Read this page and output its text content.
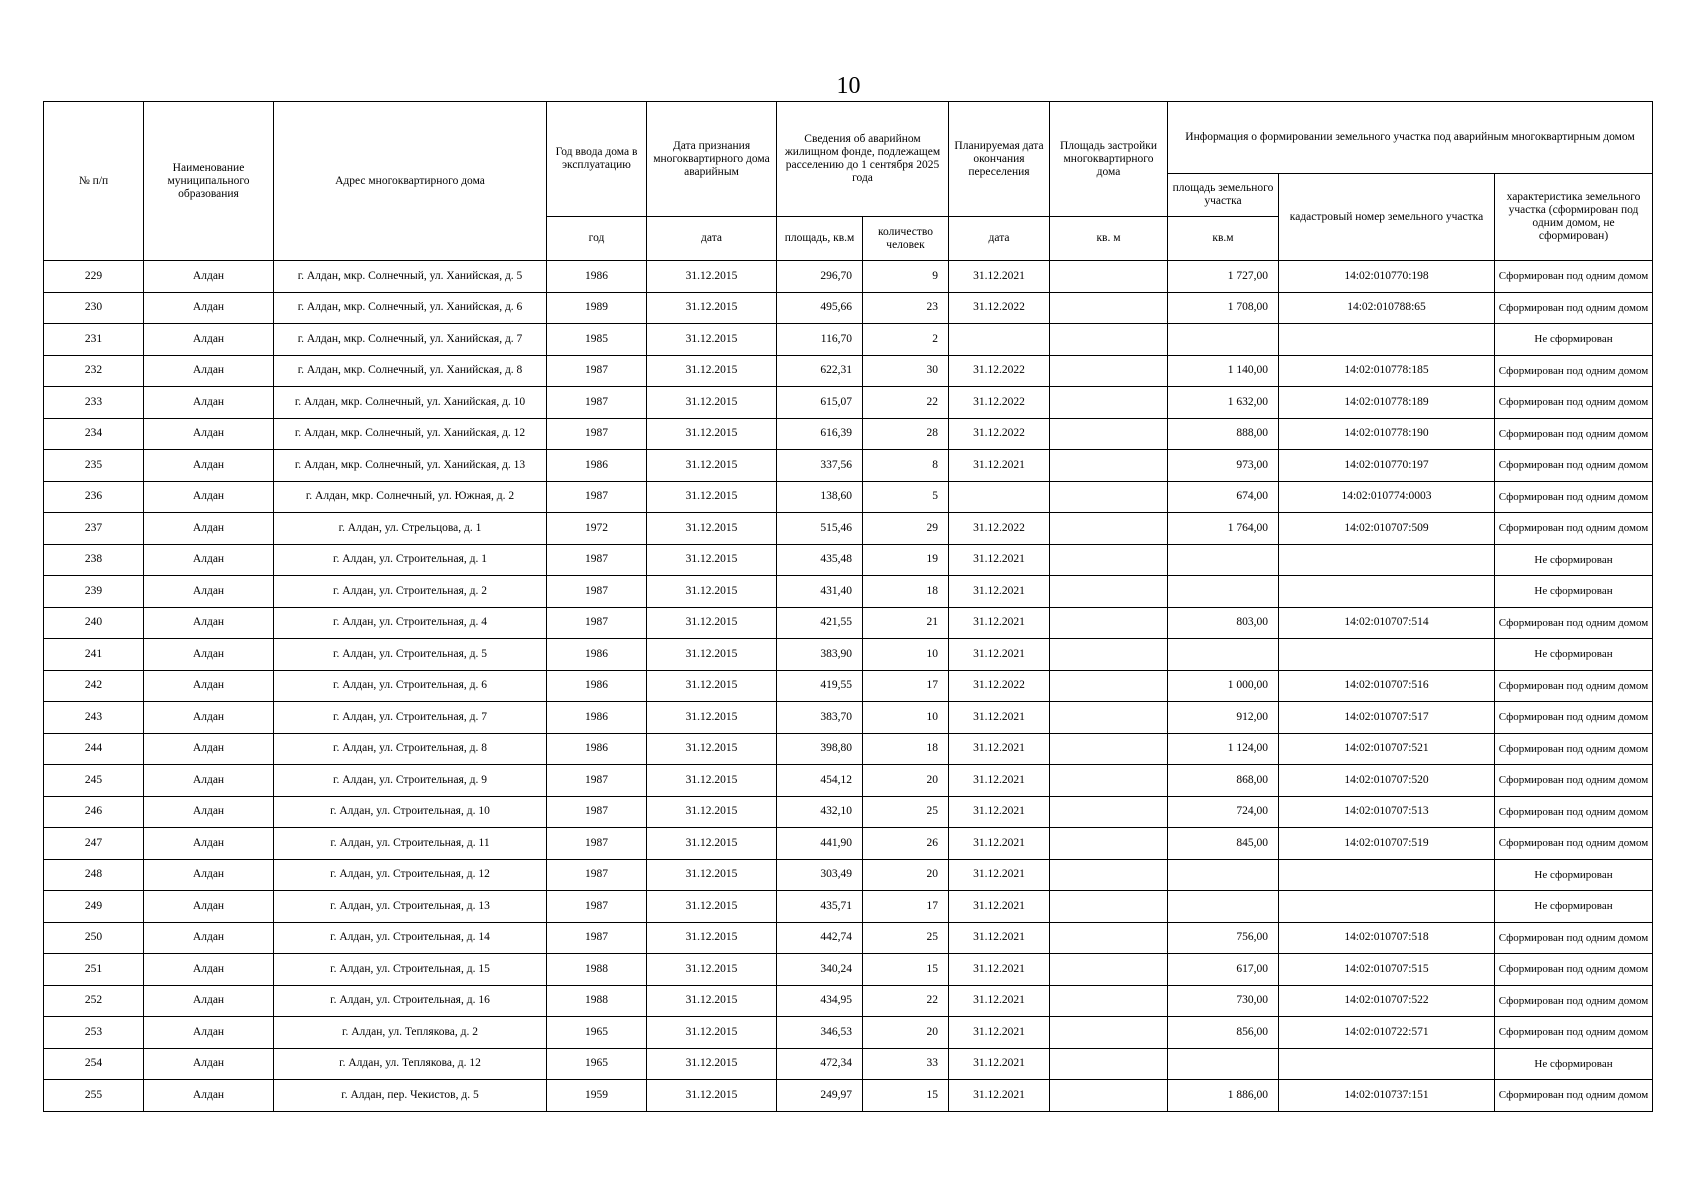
10
№ п/п	Наименование муниципального образования	Адрес многоквартирного дома	Год ввода дома в эксплуатацию	Дата признания многоквартирного дома аварийным	Сведения об аварийном жилищном фонде, подлежащем расселению до 1 сентября 2025 года		Планируемая дата окончания переселения	Площадь застройки многоквартирного дома	Информация о формировании земельного участка под аварийным многоквартирным домом		
									площадь земельного участка	кадастровый номер земельного участка	характеристика земельного участка (сформирован под одним домом, не сформирован)
			год	дата	площадь, кв.м	количество человек	дата	кв. м	кв.м		
229	Алдан	г. Алдан, мкр. Солнечный, ул. Ханийская, д. 5	1986	31.12.2015	296,70	9	31.12.2021		1 727,00	14:02:010770:198	Сформирован под одним домом
230	Алдан	г. Алдан, мкр. Солнечный, ул. Ханийская, д. 6	1989	31.12.2015	495,66	23	31.12.2022		1 708,00	14:02:010788:65	Сформирован под одним домом
231	Алдан	г. Алдан, мкр. Солнечный, ул. Ханийская, д. 7	1985	31.12.2015	116,70	2					Не сформирован
232	Алдан	г. Алдан, мкр. Солнечный, ул. Ханийская, д. 8	1987	31.12.2015	622,31	30	31.12.2022		1 140,00	14:02:010778:185	Сформирован под одним домом
233	Алдан	г. Алдан, мкр. Солнечный, ул. Ханийская, д. 10	1987	31.12.2015	615,07	22	31.12.2022		1 632,00	14:02:010778:189	Сформирован под одним домом
234	Алдан	г. Алдан, мкр. Солнечный, ул. Ханийская, д. 12	1987	31.12.2015	616,39	28	31.12.2022		888,00	14:02:010778:190	Сформирован под одним домом
235	Алдан	г. Алдан, мкр. Солнечный, ул. Ханийская, д. 13	1986	31.12.2015	337,56	8	31.12.2021		973,00	14:02:010770:197	Сформирован под одним домом
236	Алдан	г. Алдан, мкр. Солнечный, ул. Южная, д. 2	1987	31.12.2015	138,60	5			674,00	14:02:010774:0003	Сформирован под одним домом
237	Алдан	г. Алдан, ул. Стрельцова, д. 1	1972	31.12.2015	515,46	29	31.12.2022		1 764,00	14:02:010707:509	Сформирован под одним домом
238	Алдан	г. Алдан, ул. Строительная, д. 1	1987	31.12.2015	435,48	19	31.12.2021				Не сформирован
239	Алдан	г. Алдан, ул. Строительная, д. 2	1987	31.12.2015	431,40	18	31.12.2021				Не сформирован
240	Алдан	г. Алдан, ул. Строительная, д. 4	1987	31.12.2015	421,55	21	31.12.2021		803,00	14:02:010707:514	Сформирован под одним домом
241	Алдан	г. Алдан, ул. Строительная, д. 5	1986	31.12.2015	383,90	10	31.12.2021				Не сформирован
242	Алдан	г. Алдан, ул. Строительная, д. 6	1986	31.12.2015	419,55	17	31.12.2022		1 000,00	14:02:010707:516	Сформирован под одним домом
243	Алдан	г. Алдан, ул. Строительная, д. 7	1986	31.12.2015	383,70	10	31.12.2021		912,00	14:02:010707:517	Сформирован под одним домом
244	Алдан	г. Алдан, ул. Строительная, д. 8	1986	31.12.2015	398,80	18	31.12.2021		1 124,00	14:02:010707:521	Сформирован под одним домом
245	Алдан	г. Алдан, ул. Строительная, д. 9	1987	31.12.2015	454,12	20	31.12.2021		868,00	14:02:010707:520	Сформирован под одним домом
246	Алдан	г. Алдан, ул. Строительная, д. 10	1987	31.12.2015	432,10	25	31.12.2021		724,00	14:02:010707:513	Сформирован под одним домом
247	Алдан	г. Алдан, ул. Строительная, д. 11	1987	31.12.2015	441,90	26	31.12.2021		845,00	14:02:010707:519	Сформирован под одним домом
248	Алдан	г. Алдан, ул. Строительная, д. 12	1987	31.12.2015	303,49	20	31.12.2021				Не сформирован
249	Алдан	г. Алдан, ул. Строительная, д. 13	1987	31.12.2015	435,71	17	31.12.2021				Не сформирован
250	Алдан	г. Алдан, ул. Строительная, д. 14	1987	31.12.2015	442,74	25	31.12.2021		756,00	14:02:010707:518	Сформирован под одним домом
251	Алдан	г. Алдан, ул. Строительная, д. 15	1988	31.12.2015	340,24	15	31.12.2021		617,00	14:02:010707:515	Сформирован под одним домом
252	Алдан	г. Алдан, ул. Строительная, д. 16	1988	31.12.2015	434,95	22	31.12.2021		730,00	14:02:010707:522	Сформирован под одним домом
253	Алдан	г. Алдан, ул. Теплякова, д. 2	1965	31.12.2015	346,53	20	31.12.2021		856,00	14:02:010722:571	Сформирован под одним домом
254	Алдан	г. Алдан, ул. Теплякова, д. 12	1965	31.12.2015	472,34	33	31.12.2021				Не сформирован
255	Алдан	г. Алдан, пер. Чекистов, д. 5	1959	31.12.2015	249,97	15	31.12.2021		1 886,00	14:02:010737:151	Сформирован под одним домом
